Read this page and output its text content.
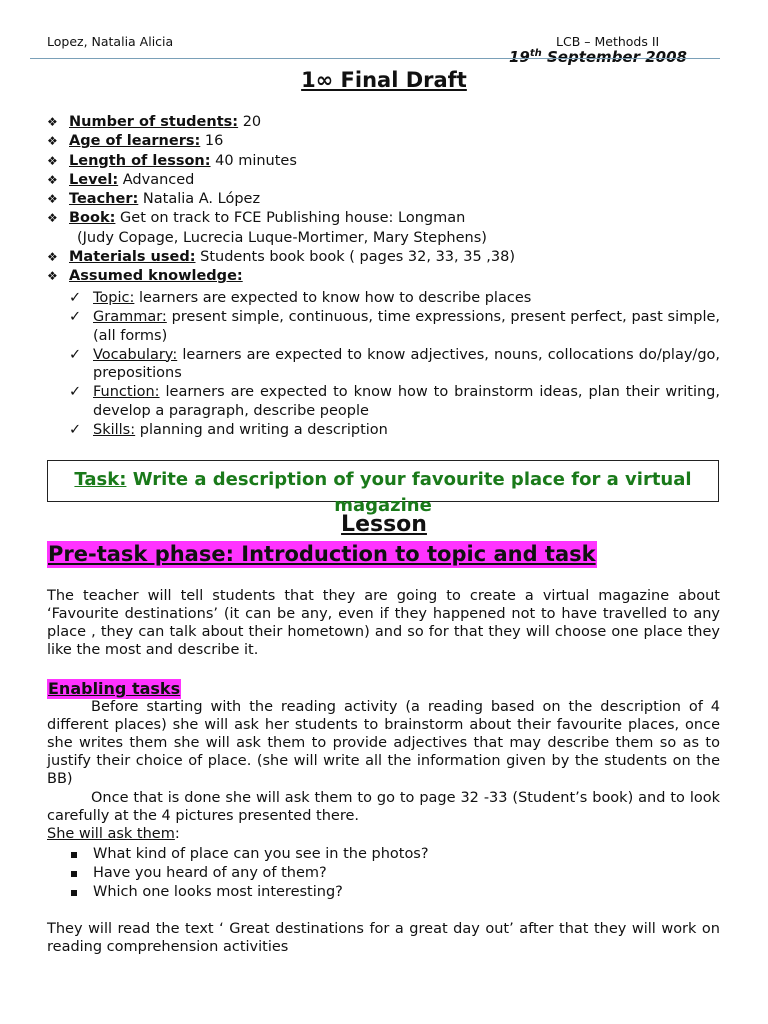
Lopez, Natalia Alicia	LCB – Methods II
19th September 2008
1∞ Final Draft
❖ Number of students: 20
❖ Age of learners: 16
❖ Length of lesson: 40 minutes
❖ Level: Advanced
❖ Teacher: Natalia A. López
❖ Book: Get on track to FCE Publishing house: Longman
(Judy Copage, Lucrecia Luque-Mortimer, Mary Stephens)
❖ Materials used: Students book book ( pages 32, 33, 35 ,38)
❖ Assumed knowledge:
✓ Topic: learners are expected to know how to describe places
✓ Grammar: present simple, continuous, time expressions, present perfect, past simple, (all forms)
✓ Vocabulary: learners are expected to know adjectives, nouns, collocations do/play/go, prepositions
✓ Function: learners are expected to know how to brainstorm ideas, plan their writing, develop a paragraph, describe people
✓ Skills: planning and writing a description
Task: Write a description of your favourite place for a virtual magazine
Lesson
Pre-task phase: Introduction to topic and task

The teacher will tell students that they are going to create a virtual magazine about ‘Favourite destinations’ (it can be any, even if they happened not to have travelled to any place , they can talk about their hometown) and so for that they will choose one place they like the most and describe it.

Enabling tasks

Before starting with the reading activity (a reading based on the description of 4 different places) she will ask her students to brainstorm about their favourite places, once she writes them she will ask them to provide adjectives that may describe them so as to justify their choice of place. (she will write all the information given by the students on the BB)

Once that is done she will ask them to go to page 32 -33 (Student’s book) and to look carefully at the 4 pictures presented there.

She will ask them:
What kind of place can you see in the photos?
Have you heard of any of them?
Which one looks most interesting?

They will read the text ‘ Great destinations for a great day out’ after that they will work on reading comprehension activities
